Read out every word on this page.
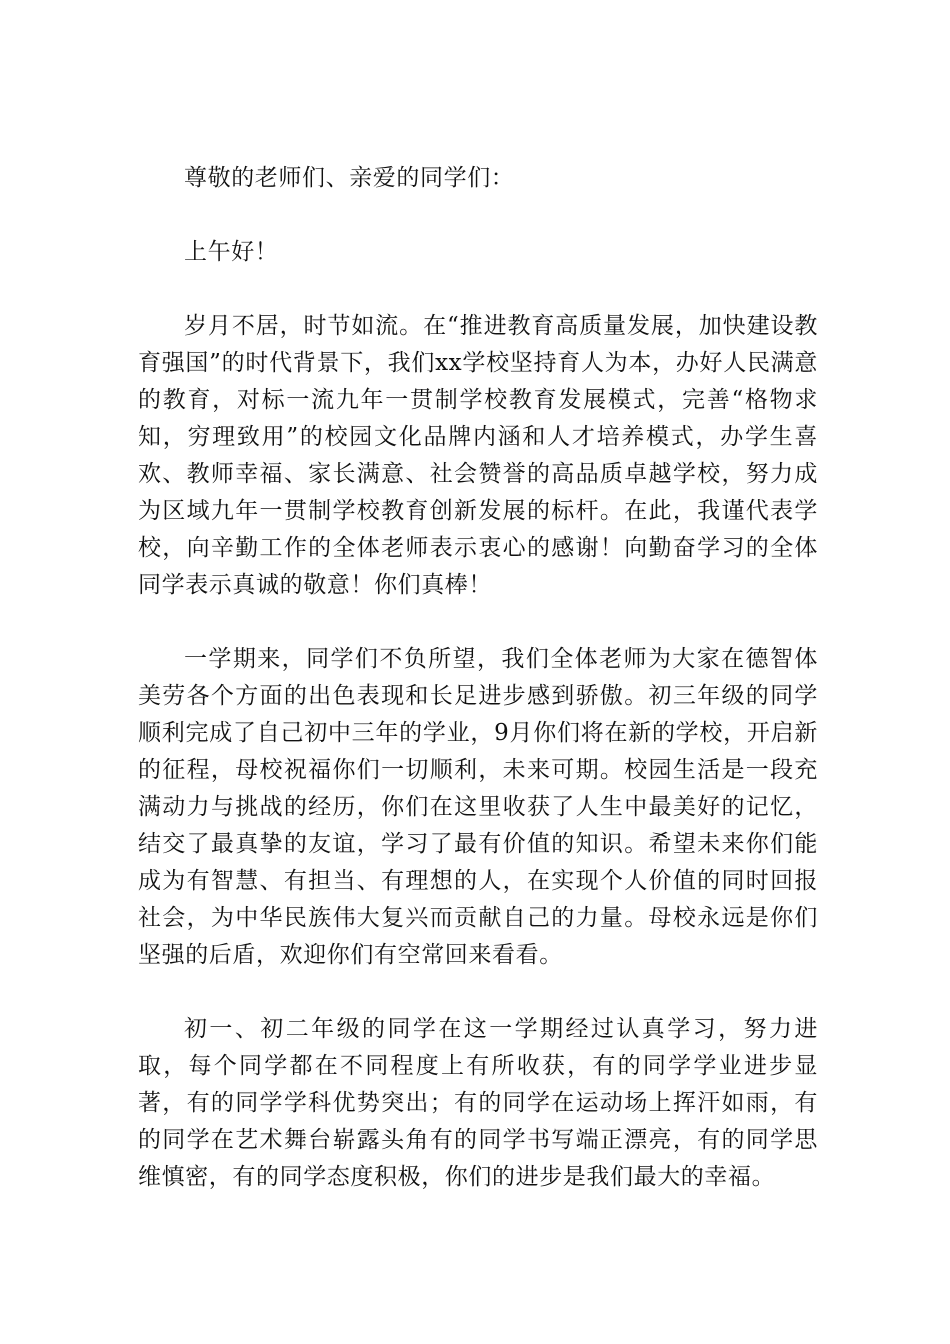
尊敬的老师们、亲爱的同学们：

上午好！

岁月不居，时节如流。在“推进教育高质量发展，加快建设教育强国”的时代背景下，我们xx学校坚持育人为本，办好人民满意的教育，对标一流九年一贯制学校教育发展模式，完善“格物求知，穷理致用”的校园文化品牌内涵和人才培养模式，办学生喜欢、教师幸福、家长满意、社会赞誉的高品质卓越学校，努力成为区域九年一贯制学校教育创新发展的标杆。在此，我谨代表学校，向辛勤工作的全体老师表示衷心的感谢！向勤奋学习的全体同学表示真诚的敬意！你们真棒！

一学期来，同学们不负所望，我们全体老师为大家在德智体美劳各个方面的出色表现和长足进步感到骄傲。初三年级的同学顺利完成了自己初中三年的学业，9月你们将在新的学校，开启新的征程，母校祝福你们一切顺利，未来可期。校园生活是一段充满动力与挑战的经历，你们在这里收获了人生中最美好的记忆，结交了最真挚的友谊，学习了最有价值的知识。希望未来你们能成为有智慧、有担当、有理想的人，在实现个人价值的同时回报社会，为中华民族伟大复兴而贡献自己的力量。母校永远是你们坚强的后盾，欢迎你们有空常回来看看。

初一、初二年级的同学在这一学期经过认真学习，努力进取，每个同学都在不同程度上有所收获，有的同学学业进步显著，有的同学学科优势突出；有的同学在运动场上挥汗如雨，有的同学在艺术舞台崭露头角有的同学书写端正漂亮，有的同学思维慎密，有的同学态度积极，你们的进步是我们最大的幸福。
